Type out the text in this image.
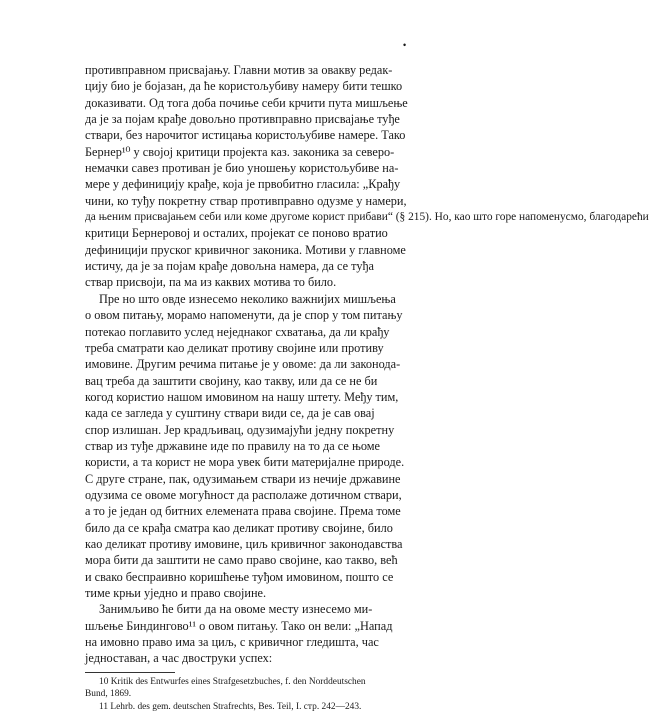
•
противправном присвајању. Главни мотив за овакву редак-
цију био је бојазан, да ће користољубиву намеру бити тешко
доказивати. Од тога доба почиње себи крчити пута мишљење
да је за појам крађе довољно противправно присвајање туђе
ствари, без нарочитог истицања користољубиве намере. Тако
Бернер¹⁰ у својој критици пројекта каз. законика за северо-
немачки савез противан је био уношењу користољубиве на-
мере у дефиницију крађе, која је првобитно гласила: „Крађу
чини, ко туђу покретну ствар противправно одузме у намери,
да њеним присвајањем себи или коме другоме корист прибави“ (§ 215). Но, као што горе напоменусмо, благодарећи
критици Бернеровој и осталих, пројекат се поново вратио
дефиницији пруског кривичног законика. Мотиви у главноме
истичу, да је за појам крађе довољна намера, да се туђа
ствар присвоји, па ма из каквих мотива то било.
Пре но што овде изнесемо неколико важнијих мишљења
о овом питању, морамо напоменути, да је спор у том питању
потекао поглавито услед неједнаког схватања, да ли крађу
треба сматрати као деликат противу својине или противу
имовине. Другим речима питање је у овоме: да ли законода-
вац треба да заштити својину, као такву, или да се не би
когод користио нашом имовином на нашу штету. Међу тим,
када се загледа у суштину ствари види се, да је сав овај
спор излишан. Јер крадљивац, одузимајући једну покретну
ствар из туђе државине иде по правилу на то да се њоме
користи, а та корист не мора увек бити материјалне природе.
С друге стране, пак, одузимањем ствари из нечије државине
одузима се овоме могућност да располаже дотичном ствари,
а то је један од битних елемената права својине. Према томе
било да се крађа сматра као деликат противу својине, било
као деликат противу имовине, циљ кривичног законодавства
мора бити да заштити не само право својине, као такво, већ
и свако беспраивно коришћење туђом имовином, пошто се
тиме крњи уједно и право својине.
Занимљиво ће бити да на овоме месту изнесемо ми-
шљење Биндингово¹¹ о овом питању. Тако он вели: „Напад
на имовно право има за циљ, с кривичног гледишта, час
једноставан, а час двоструки успех:
10 Kritik des Entwurfes eines Strafgesetzbuches, f. den Norddeutschen
Bund, 1869.
11 Lehrb. des gem. deutschen Strafrechts, Bes. Teil, I. стр. 242—243.
